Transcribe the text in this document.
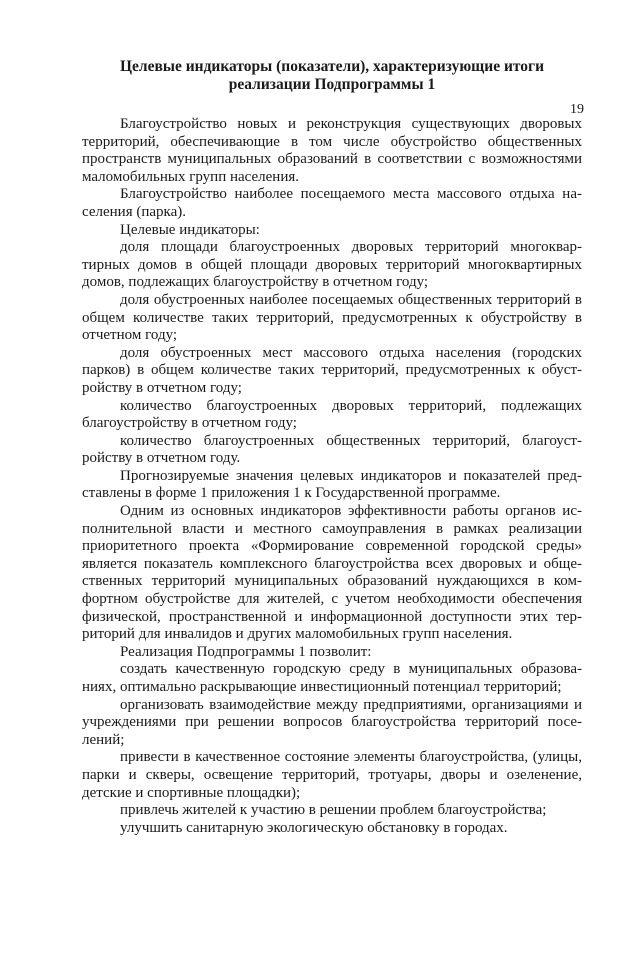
19
Целевые индикаторы (показатели), характеризующие итоги
реализации Подпрограммы 1

Благоустройство новых и реконструкция существующих дворовых территорий, обеспечивающие в том числе обустройство общественных пространств муниципальных образований в соответствии с возможностями маломобильных групп населения.

Благоустройство наиболее посещаемого места массового отдыха населения (парка).

Целевые индикаторы:

доля площади благоустроенных дворовых территорий многоквартирных домов в общей площади дворовых территорий многоквартирных домов, подлежащих благоустройству в отчетном году;

доля обустроенных наиболее посещаемых общественных территорий в общем количестве таких территорий, предусмотренных к обустройству в отчетном году;

доля обустроенных мест массового отдыха населения (городских парков) в общем количестве таких территорий, предусмотренных к обустройству в отчетном году;

количество благоустроенных дворовых территорий, подлежащих благоустройству в отчетном году;

количество благоустроенных общественных территорий, благоустройству в отчетном году.

Прогнозируемые значения целевых индикаторов и показателей представлены в форме 1 приложения 1 к Государственной программе.

Одним из основных индикаторов эффективности работы органов исполнительной власти и местного самоуправления в рамках реализации приоритетного проекта «Формирование современной городской среды» является показатель комплексного благоустройства всех дворовых и общественных территорий муниципальных образований нуждающихся в комфортном обустройстве для жителей, с учетом необходимости обеспечения физической, пространственной и информационной доступности этих территорий для инвалидов и других маломобильных групп населения.

Реализация Подпрограммы 1 позволит:

создать качественную городскую среду в муниципальных образованиях, оптимально раскрывающие инвестиционный потенциал территорий;

организовать взаимодействие между предприятиями, организациями и учреждениями при решении вопросов благоустройства территорий поселений;

привести в качественное состояние элементы благоустройства, (улицы, парки и скверы, освещение территорий, тротуары, дворы и озеленение, детские и спортивные площадки);

привлечь жителей к участию в решении проблем благоустройства;

улучшить санитарную экологическую обстановку в городах.
